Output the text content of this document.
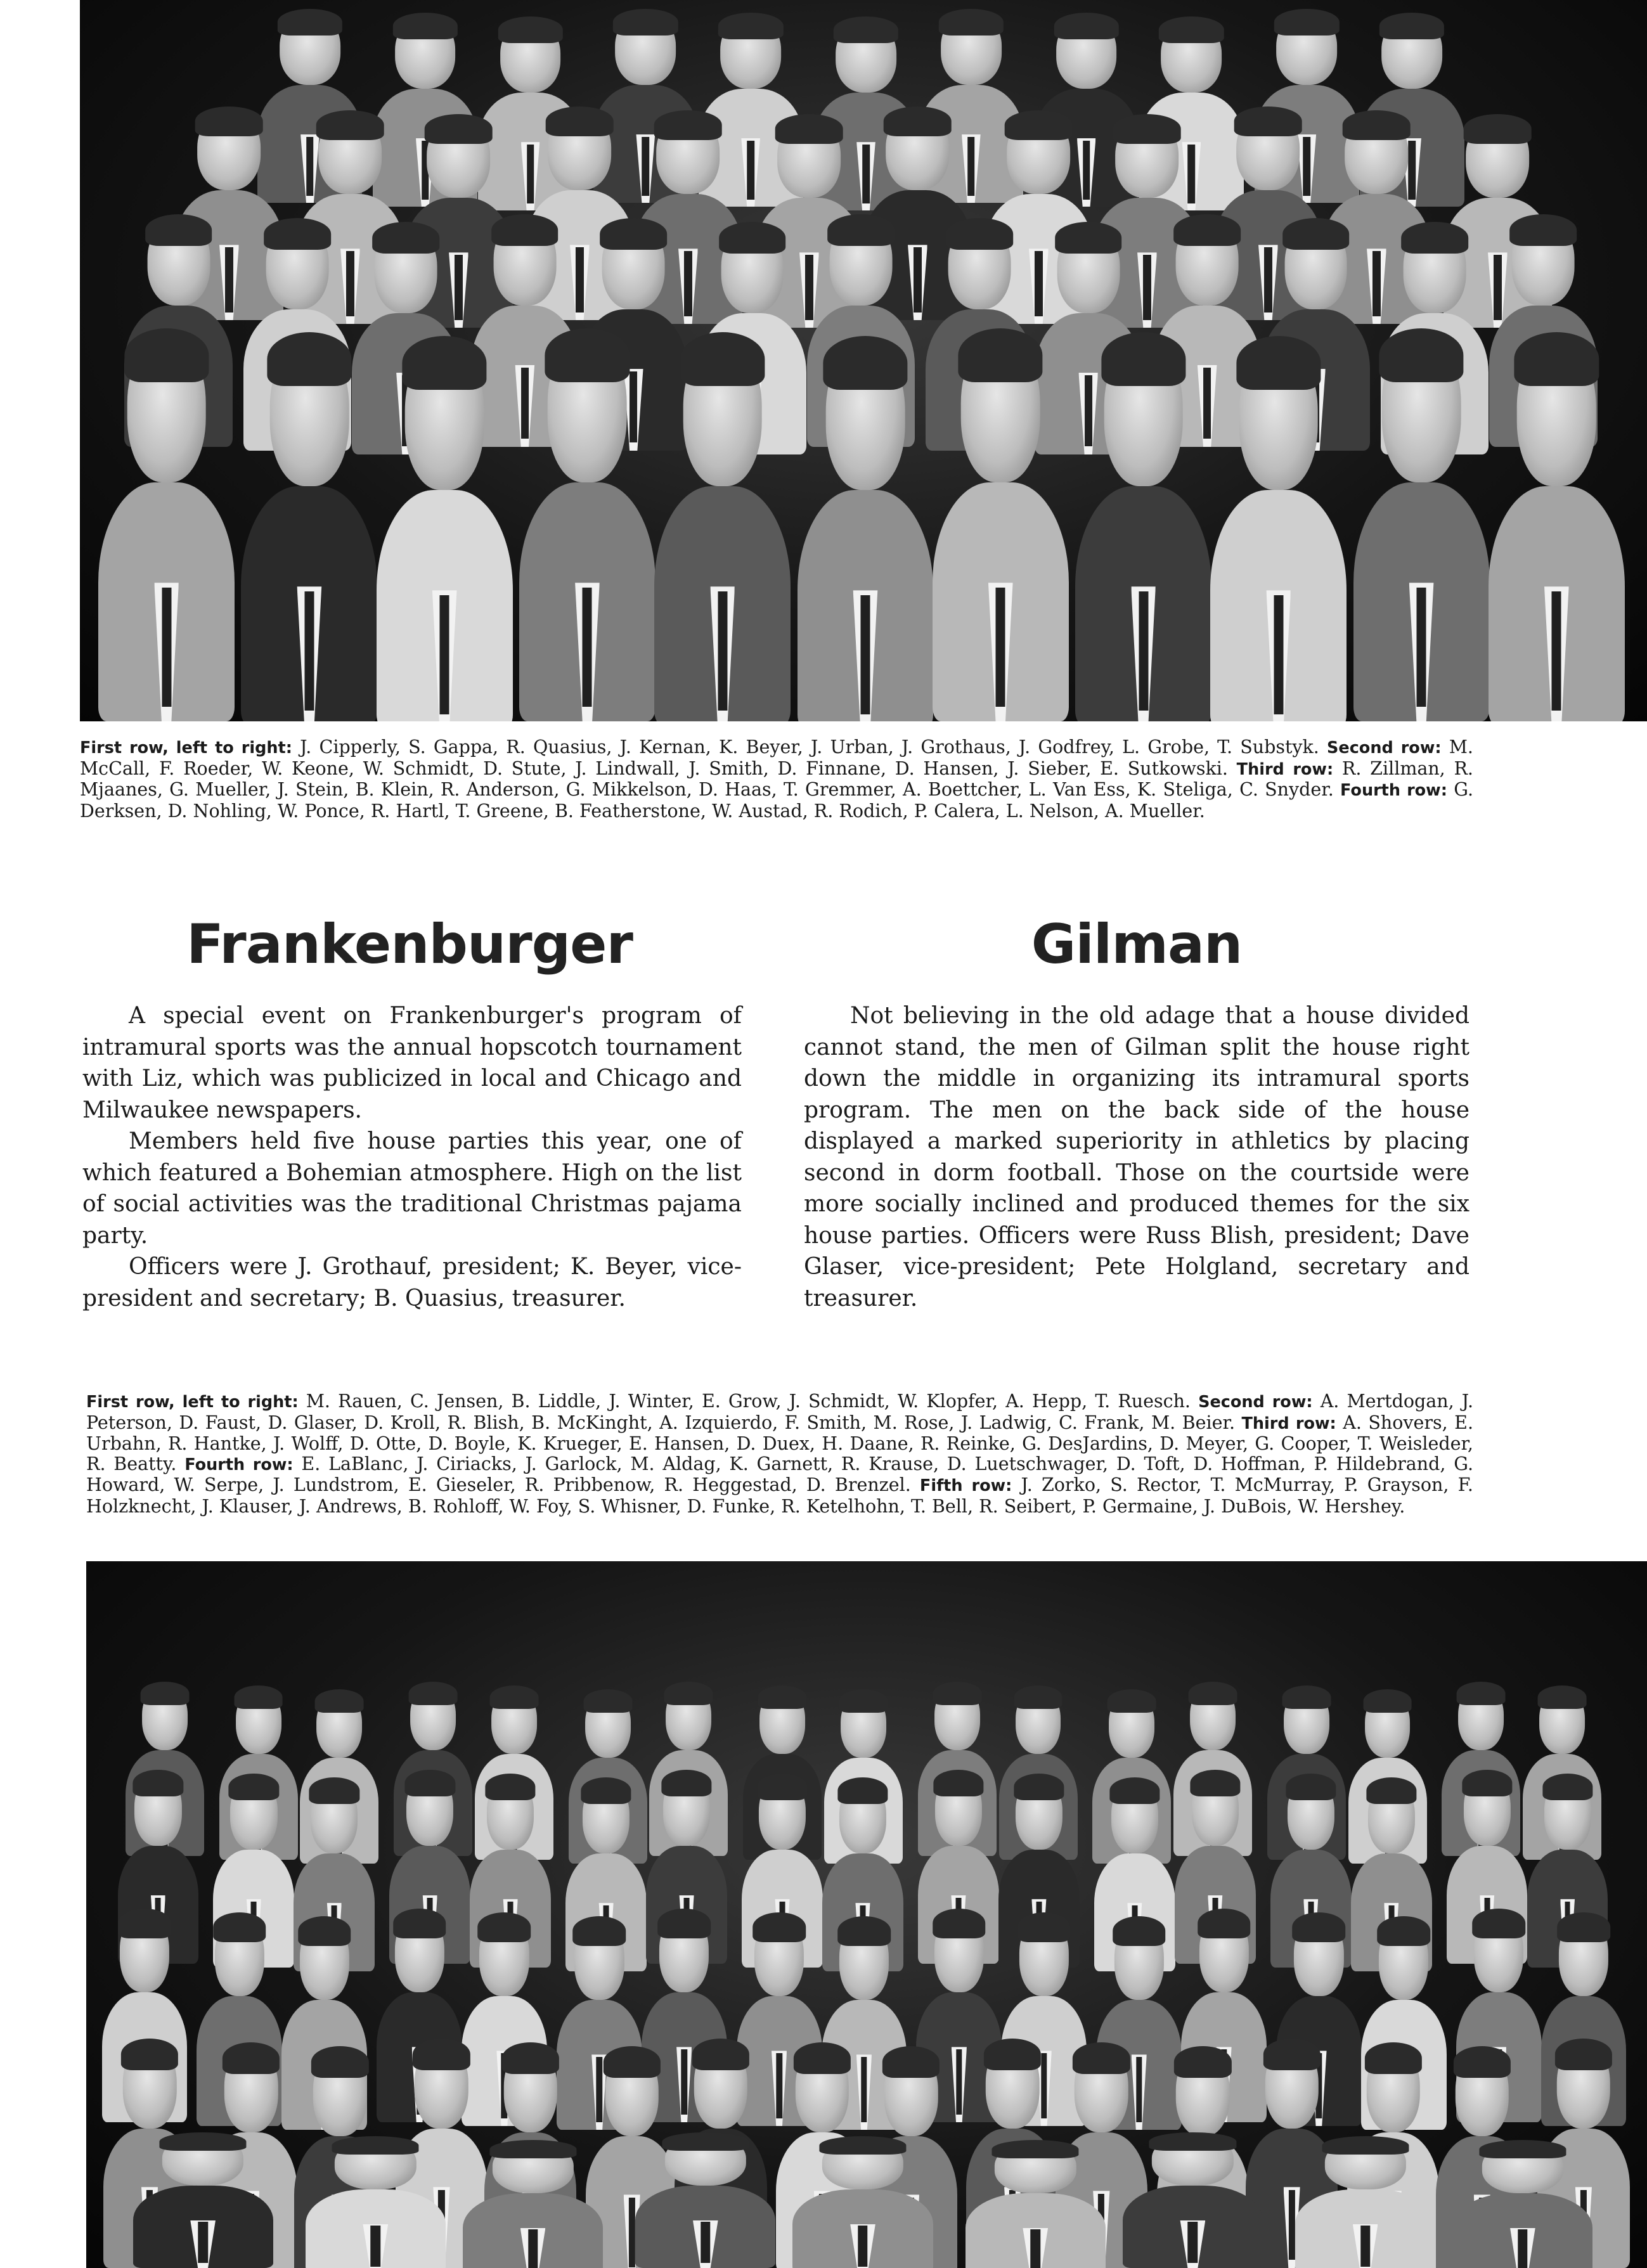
First row, left to right: J. Cipperly, S. Gappa, R. Quasius, J. Kernan, K. Beyer, J. Urban, J. Grothaus, J. Godfrey, L. Grobe, T. Substyk. Second row: M. McCall, F. Roeder, W. Keone, W. Schmidt, D. Stute, J. Lindwall, J. Smith, D. Finnane, D. Hansen, J. Sieber, E. Sutkowski. Third row: R. Zillman, R. Mjaanes, G. Mueller, J. Stein, B. Klein, R. Anderson, G. Mikkelson, D. Haas, T. Gremmer, A. Boettcher, L. Van Ess, K. Steliga, C. Snyder. Fourth row: G. Derksen, D. Nohling, W. Ponce, R. Hartl, T. Greene, B. Featherstone, W. Austad, R. Rodich, P. Calera, L. Nelson, A. Mueller.

Frankenburger	Gilman

A special event on Frankenburger's program of intramural sports was the annual hopscotch tournament with Liz, which was publicized in local and Chicago and Milwaukee newspapers.

Members held five house parties this year, one of which featured a Bohemian atmosphere. High on the list of social activities was the traditional Christmas pajama party.

Officers were J. Grothauf, president; K. Beyer, vice-president and secretary; B. Quasius, treasurer.

Not believing in the old adage that a house divided cannot stand, the men of Gilman split the house right down the middle in organizing its intramural sports program. The men on the back side of the house displayed a marked superiority in athletics by placing second in dorm football. Those on the courtside were more socially inclined and produced themes for the six house parties. Officers were Russ Blish, president; Dave Glaser, vice-president; Pete Holgland, secretary and treasurer.

First row, left to right: M. Rauen, C. Jensen, B. Liddle, J. Winter, E. Grow, J. Schmidt, W. Klopfer, A. Hepp, T. Ruesch. Second row: A. Mertdogan, J. Peterson, D. Faust, D. Glaser, D. Kroll, R. Blish, B. McKinght, A. Izquierdo, F. Smith, M. Rose, J. Ladwig, C. Frank, M. Beier. Third row: A. Shovers, E. Urbahn, R. Hantke, J. Wolff, D. Otte, D. Boyle, K. Krueger, E. Hansen, D. Duex, H. Daane, R. Reinke, G. DesJardins, D. Meyer, G. Cooper, T. Weisleder, R. Beatty. Fourth row: E. LaBlanc, J. Ciriacks, J. Garlock, M. Aldag, K. Garnett, R. Krause, D. Luetschwager, D. Toft, D. Hoffman, P. Hildebrand, G. Howard, W. Serpe, J. Lundstrom, E. Gieseler, R. Pribbenow, R. Heggestad, D. Brenzel. Fifth row: J. Zorko, S. Rector, T. McMurray, P. Grayson, F. Holzknecht, J. Klauser, J. Andrews, B. Rohloff, W. Foy, S. Whisner, D. Funke, R. Ketelhohn, T. Bell, R. Seibert, P. Germaine, J. DuBois, W. Hershey.
